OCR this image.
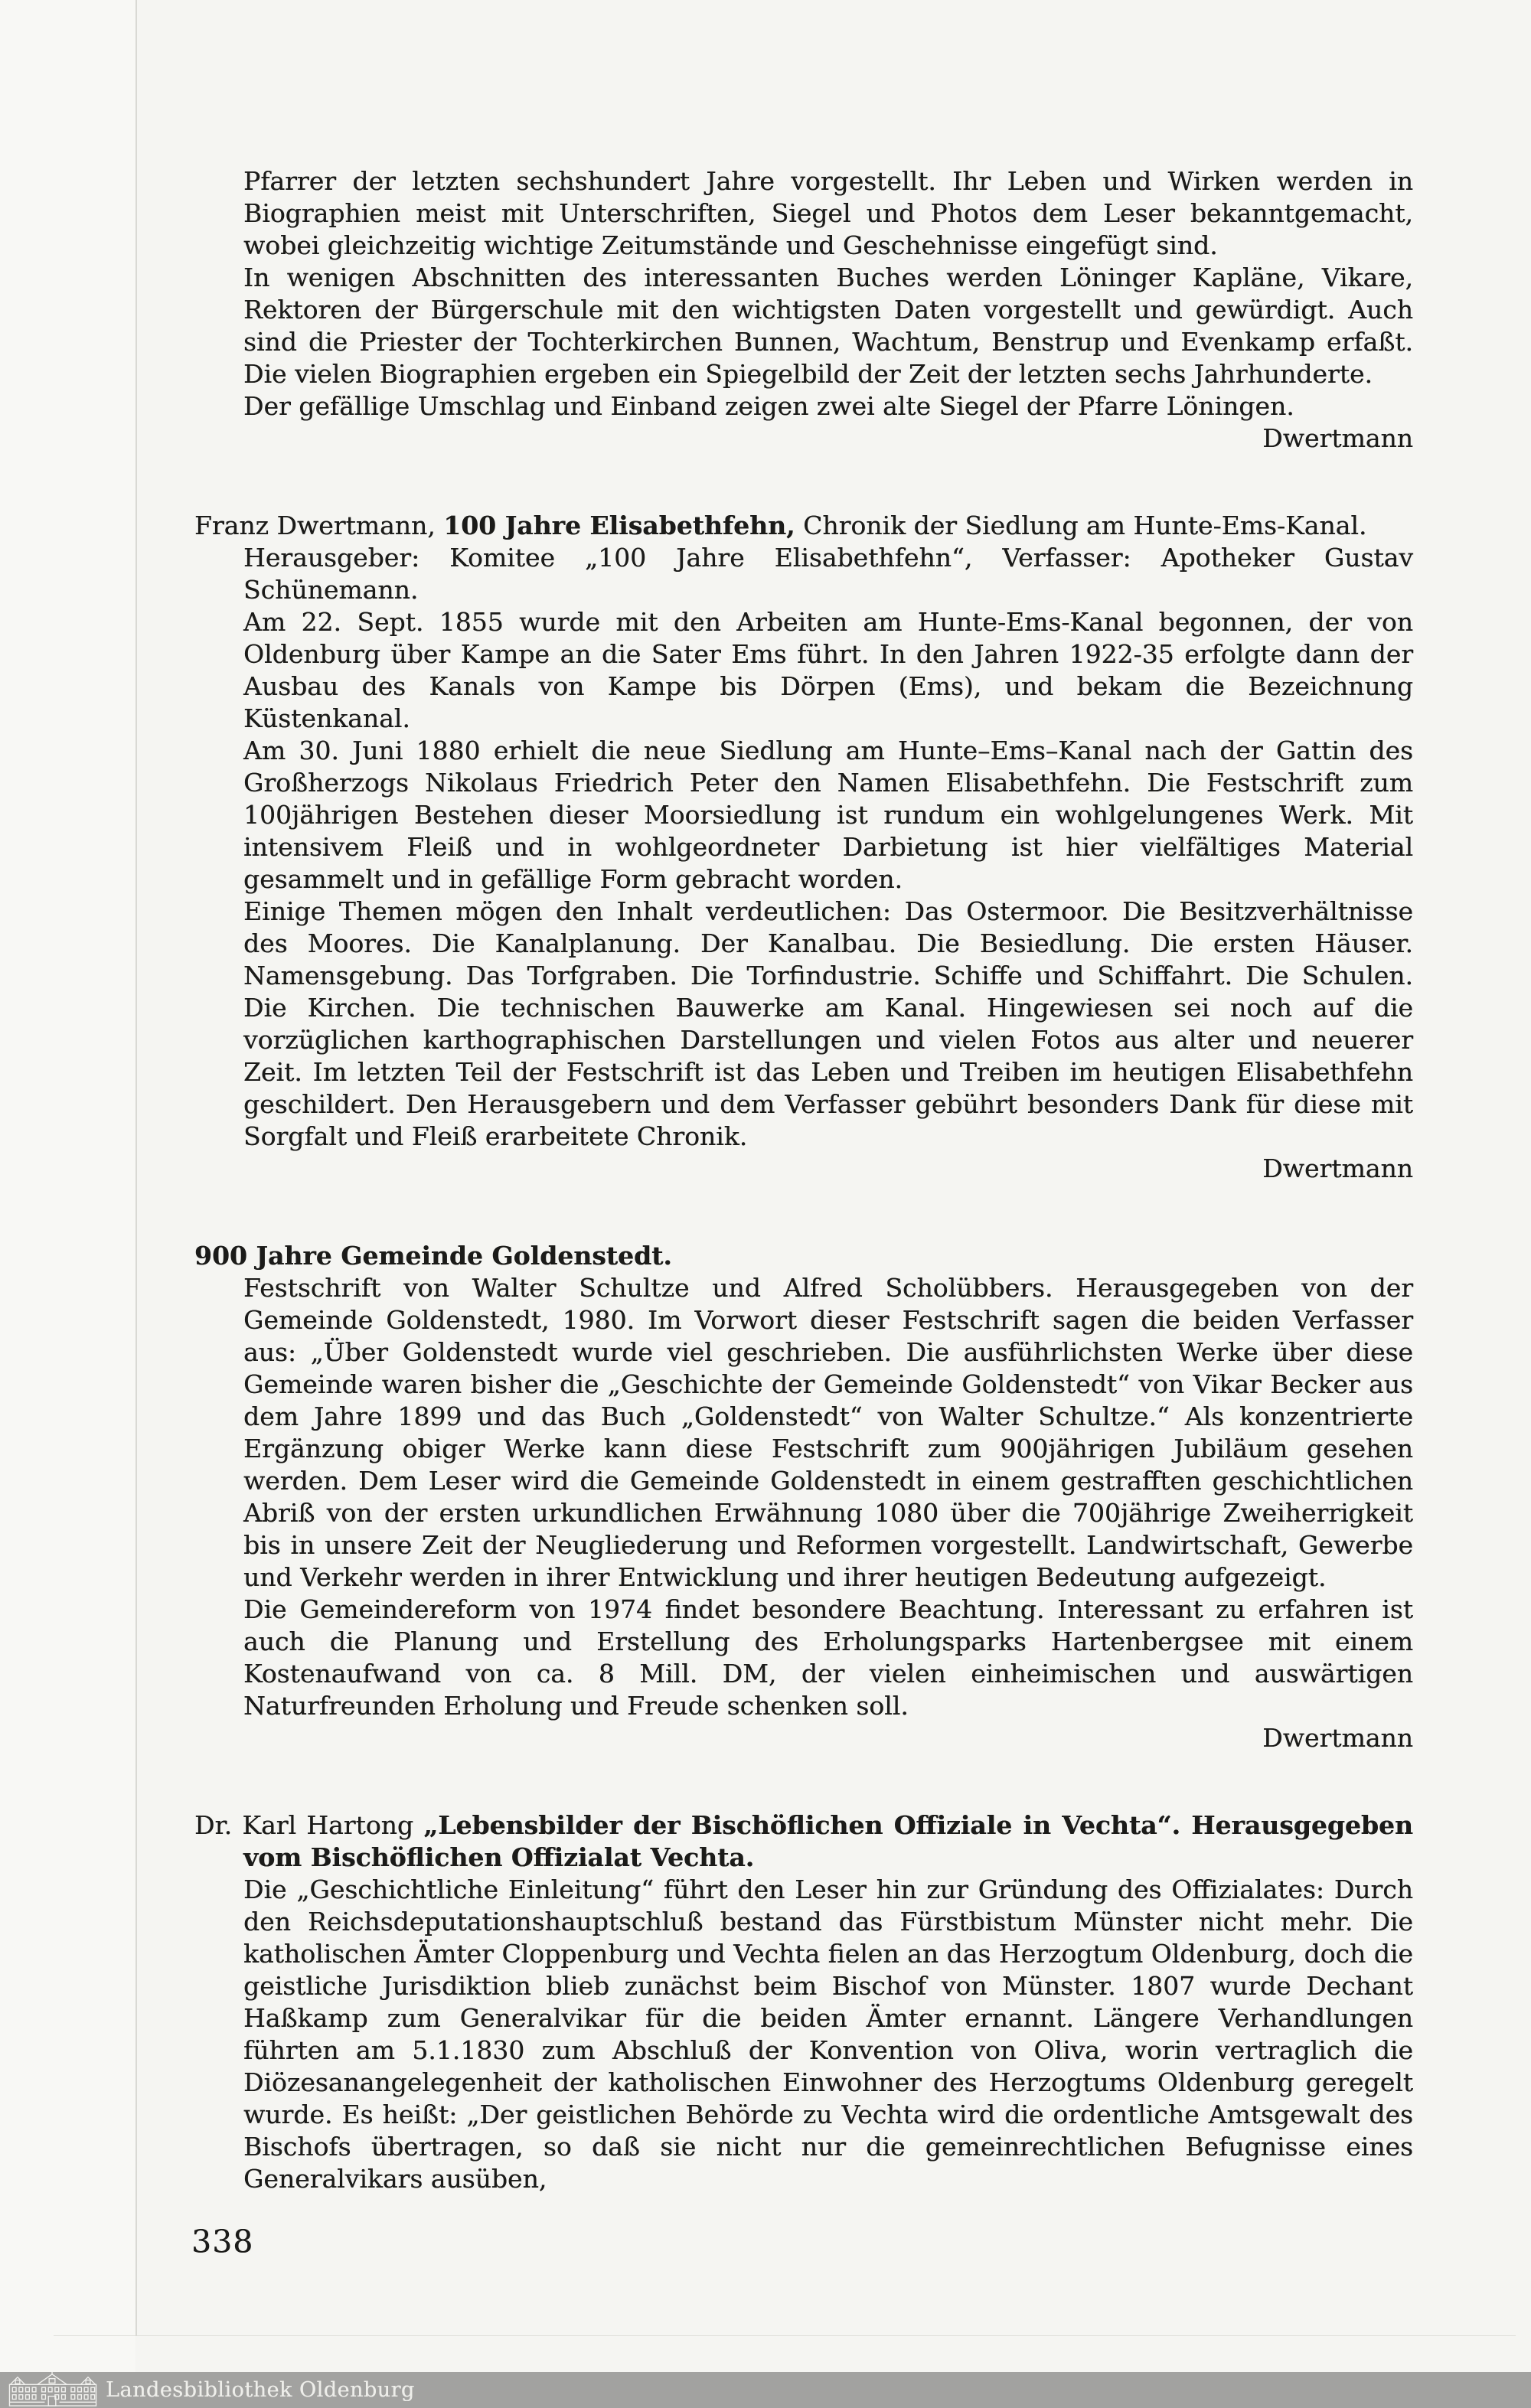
Pfarrer der letzten sechshundert Jahre vorgestellt. Ihr Leben und Wirken werden in Biographien meist mit Unterschriften, Siegel und Photos dem Leser bekanntgemacht, wobei gleichzeitig wichtige Zeitumstände und Geschehnisse eingefügt sind.

In wenigen Abschnitten des interessanten Buches werden Löninger Kapläne, Vikare, Rektoren der Bürgerschule mit den wichtigsten Daten vorgestellt und gewürdigt. Auch sind die Priester der Tochterkirchen Bunnen, Wachtum, Benstrup und Evenkamp erfaßt. Die vielen Biographien ergeben ein Spiegelbild der Zeit der letzten sechs Jahrhunderte.

Der gefällige Umschlag und Einband zeigen zwei alte Siegel der Pfarre Löningen.

Dwertmann

Franz Dwertmann, 100 Jahre Elisabethfehn, Chronik der Siedlung am Hunte-Ems-Kanal.

Herausgeber: Komitee „100 Jahre Elisabethfehn“, Verfasser: Apotheker Gustav Schünemann.

Am 22. Sept. 1855 wurde mit den Arbeiten am Hunte-Ems-Kanal begonnen, der von Oldenburg über Kampe an die Sater Ems führt. In den Jahren 1922-35 erfolgte dann der Ausbau des Kanals von Kampe bis Dörpen (Ems), und bekam die Bezeichnung Küstenkanal.

Am 30. Juni 1880 erhielt die neue Siedlung am Hunte–Ems–Kanal nach der Gattin des Großherzogs Nikolaus Friedrich Peter den Namen Elisabethfehn. Die Festschrift zum 100jährigen Bestehen dieser Moorsiedlung ist rundum ein wohlgelungenes Werk. Mit intensivem Fleiß und in wohlgeordneter Darbietung ist hier vielfältiges Material gesammelt und in gefällige Form gebracht worden.

Einige Themen mögen den Inhalt verdeutlichen: Das Ostermoor. Die Besitzverhältnisse des Moores. Die Kanalplanung. Der Kanalbau. Die Besiedlung. Die ersten Häuser. Namensgebung. Das Torfgraben. Die Torfindustrie. Schiffe und Schiffahrt. Die Schulen. Die Kirchen. Die technischen Bauwerke am Kanal. Hingewiesen sei noch auf die vorzüglichen karthographischen Darstellungen und vielen Fotos aus alter und neuerer Zeit. Im letzten Teil der Festschrift ist das Leben und Treiben im heutigen Elisabethfehn geschildert. Den Herausgebern und dem Verfasser gebührt besonders Dank für diese mit Sorgfalt und Fleiß erarbeitete Chronik.

Dwertmann

900 Jahre Gemeinde Goldenstedt.

Festschrift von Walter Schultze und Alfred Scholübbers. Herausgegeben von der Gemeinde Goldenstedt, 1980. Im Vorwort dieser Festschrift sagen die beiden Verfasser aus: „Über Goldenstedt wurde viel geschrieben. Die ausführlichsten Werke über diese Gemeinde waren bisher die „Geschichte der Gemeinde Goldenstedt“ von Vikar Becker aus dem Jahre 1899 und das Buch „Goldenstedt“ von Walter Schultze.“ Als konzentrierte Ergänzung obiger Werke kann diese Festschrift zum 900jährigen Jubiläum gesehen werden. Dem Leser wird die Gemeinde Goldenstedt in einem gestrafften geschichtlichen Abriß von der ersten urkundlichen Erwähnung 1080 über die 700jährige Zweiherrigkeit bis in unsere Zeit der Neugliederung und Reformen vorgestellt. Landwirtschaft, Gewerbe und Verkehr werden in ihrer Entwicklung und ihrer heutigen Bedeutung aufgezeigt.

Die Gemeindereform von 1974 findet besondere Beachtung. Interessant zu erfahren ist auch die Planung und Erstellung des Erholungsparks Hartenbergsee mit einem Kostenaufwand von ca. 8 Mill. DM, der vielen einheimischen und auswärtigen Naturfreunden Erholung und Freude schenken soll.

Dwertmann

Dr. Karl Hartong „Lebensbilder der Bischöflichen Offiziale in Vechta“. Herausgegeben vom Bischöflichen Offizialat Vechta.

Die „Geschichtliche Einleitung“ führt den Leser hin zur Gründung des Offizialates: Durch den Reichsdeputationshauptschluß bestand das Fürstbistum Münster nicht mehr. Die katholischen Ämter Cloppenburg und Vechta fielen an das Herzogtum Oldenburg, doch die geistliche Jurisdiktion blieb zunächst beim Bischof von Münster. 1807 wurde Dechant Haßkamp zum Generalvikar für die beiden Ämter ernannt. Längere Verhandlungen führten am 5.1.1830 zum Abschluß der Konvention von Oliva, worin vertraglich die Diözesanangelegenheit der katholischen Einwohner des Herzogtums Oldenburg geregelt wurde. Es heißt: „Der geistlichen Behörde zu Vechta wird die ordentliche Amtsgewalt des Bischofs übertragen, so daß sie nicht nur die gemeinrechtlichen Befugnisse eines Generalvikars ausüben,

338
Landesbibliothek Oldenburg
